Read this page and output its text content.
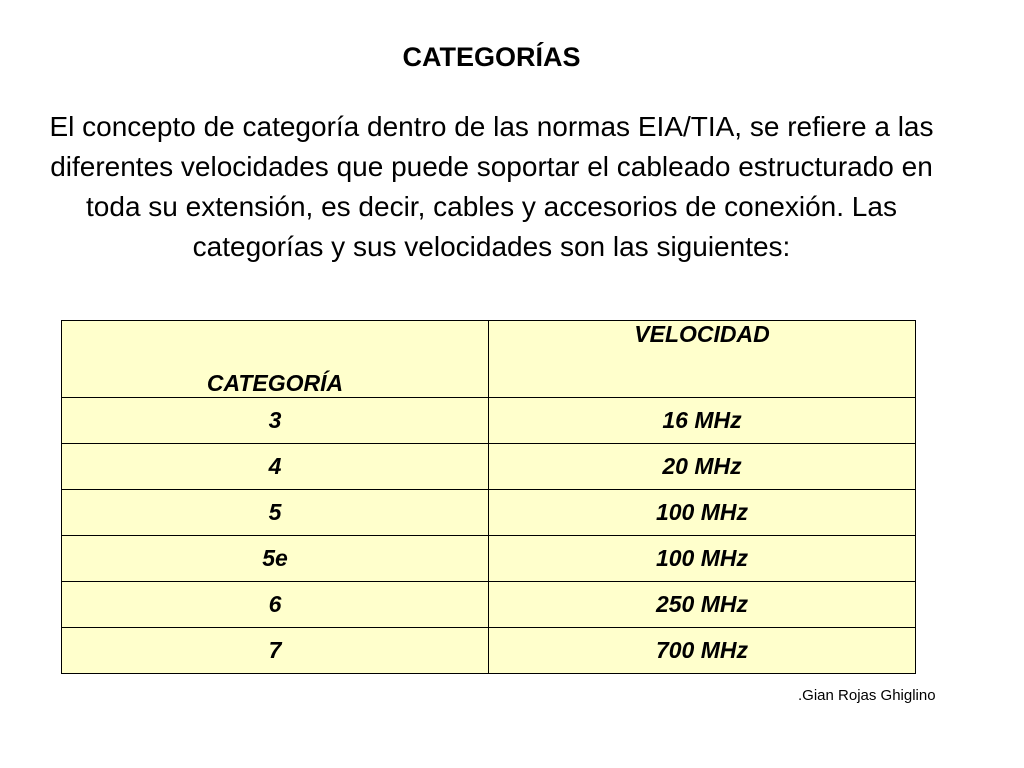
CATEGORÍAS
El concepto de categoría dentro de las normas EIA/TIA, se refiere a las diferentes velocidades que puede soportar el cableado estructurado en toda su extensión, es decir, cables y accesorios de conexión. Las categorías y sus velocidades son las siguientes:
CATEGORÍA	VELOCIDAD
3	16 MHz
4	20 MHz
5	100 MHz
5e	100 MHz
6	250 MHz
7	700 MHz
.Gian Rojas Ghiglino
